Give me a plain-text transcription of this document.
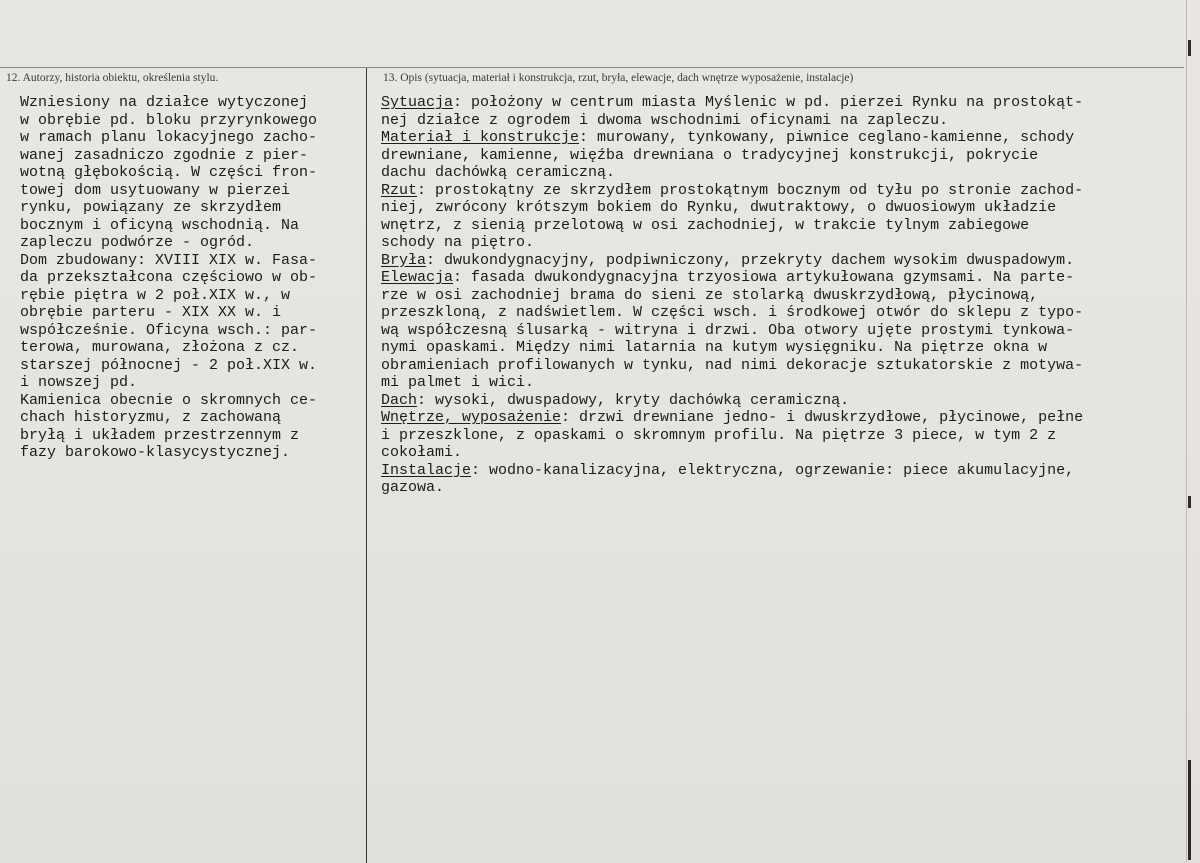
12. Autorzy, historia obiektu, określenia stylu.	13. Opis (sytuacja, materiał i konstrukcja, rzut, bryła, elewacje, dach wnętrze wyposażenie, instalacje)
Wzniesiony na działce wytyczonej
w obrębie pd. bloku przyrynkowego
w ramach planu lokacyjnego zacho-
wanej zasadniczo zgodnie z pier-
wotną głębokością. W części fron-
towej dom usytuowany w pierzei
rynku, powiązany ze skrzydłem
bocznym i oficyną wschodnią. Na
zapleczu podwórze - ogród.
Dom zbudowany: XVIII XIX w. Fasa-
da przekształcona częściowo w ob-
rębie piętra w 2 poł.XIX w., w
obrębie parteru - XIX XX w. i
współcześnie. Oficyna wsch.: par-
terowa, murowana, złożona z cz.
starszej północnej - 2 poł.XIX w.
i nowszej pd.
Kamienica obecnie o skromnych ce-
chach historyzmu, z zachowaną
bryłą i układem przestrzennym z
fazy barokowo-klasycystycznej.
Sytuacja: położony w centrum miasta Myślenic w pd. pierzei Rynku na prostokąt-
nej działce z ogrodem i dwoma wschodnimi oficynami na zapleczu.
Materiał i konstrukcje: murowany, tynkowany, piwnice ceglano-kamienne, schody
drewniane, kamienne, więźba drewniana o tradycyjnej konstrukcji, pokrycie
dachu dachówką ceramiczną.
Rzut: prostokątny ze skrzydłem prostokątnym bocznym od tyłu po stronie zachod-
niej, zwrócony krótszym bokiem do Rynku, dwutraktowy, o dwuosiowym układzie
wnętrz, z sienią przelotową w osi zachodniej, w trakcie tylnym zabiegowe
schody na piętro.
Bryła: dwukondygnacyjny, podpiwniczony, przekryty dachem wysokim dwuspadowym.
Elewacja: fasada dwukondygnacyjna trzyosiowa artykułowana gzymsami. Na parte-
rze w osi zachodniej brama do sieni ze stolarką dwuskrzydłową, płycinową,
przeszkloną, z nadświetlem. W części wsch. i środkowej otwór do sklepu z typo-
wą współczesną ślusarką - witryna i drzwi. Oba otwory ujęte prostymi tynkowa-
nymi opaskami. Między nimi latarnia na kutym wysięgniku. Na piętrze okna w
obramieniach profilowanych w tynku, nad nimi dekoracje sztukatorskie z motywa-
mi palmet i wici.
Dach: wysoki, dwuspadowy, kryty dachówką ceramiczną.
Wnętrze, wyposażenie: drzwi drewniane jedno- i dwuskrzydłowe, płycinowe, pełne
i przeszklone, z opaskami o skromnym profilu. Na piętrze 3 piece, w tym 2 z
cokołami.
Instalacje: wodno-kanalizacyjna, elektryczna, ogrzewanie: piece akumulacyjne,
gazowa.
